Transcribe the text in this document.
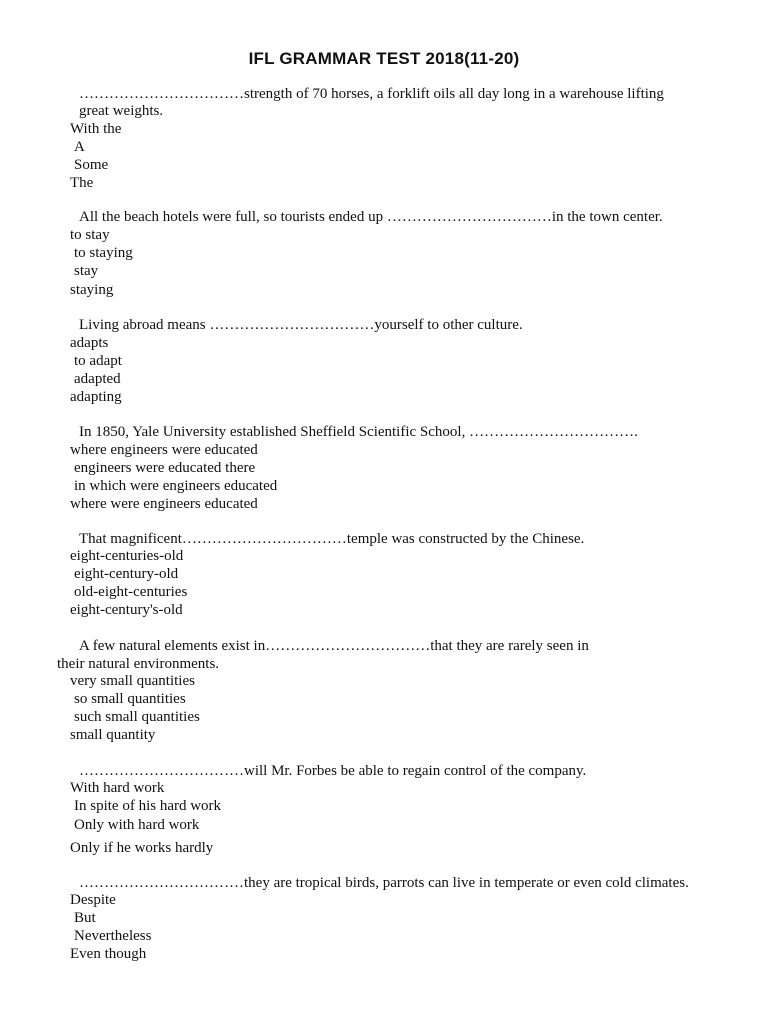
IFL GRAMMAR TEST 2018(11-20)
……………………………strength of 70 horses, a forklift oils all day long in a warehouse lifting
great weights.
With the
A
Some
The
All the beach hotels were full, so tourists ended up ……………………………in the town center.
to stay
to staying
stay
staying
Living abroad means ……………………………yourself to other culture.
adapts
to adapt
adapted
adapting
In 1850, Yale University established Sheffield Scientific School, …………………………….
where engineers were educated
engineers were educated there
in which were engineers educated
where were engineers educated
That magnificent……………………………temple was constructed by the Chinese.
eight-centuries-old
eight-century-old
old-eight-centuries
eight-century's-old
A few natural elements exist in……………………………that they are rarely seen in
their natural environments.
very small quantities
so small quantities
such small quantities
small quantity
……………………………will Mr. Forbes be able to regain control of the company.
With hard work
In spite of his hard work
Only with hard work
Only if he works hardly
……………………………they are tropical birds, parrots can live in temperate or even cold climates.
Despite
But
Nevertheless
Even though
